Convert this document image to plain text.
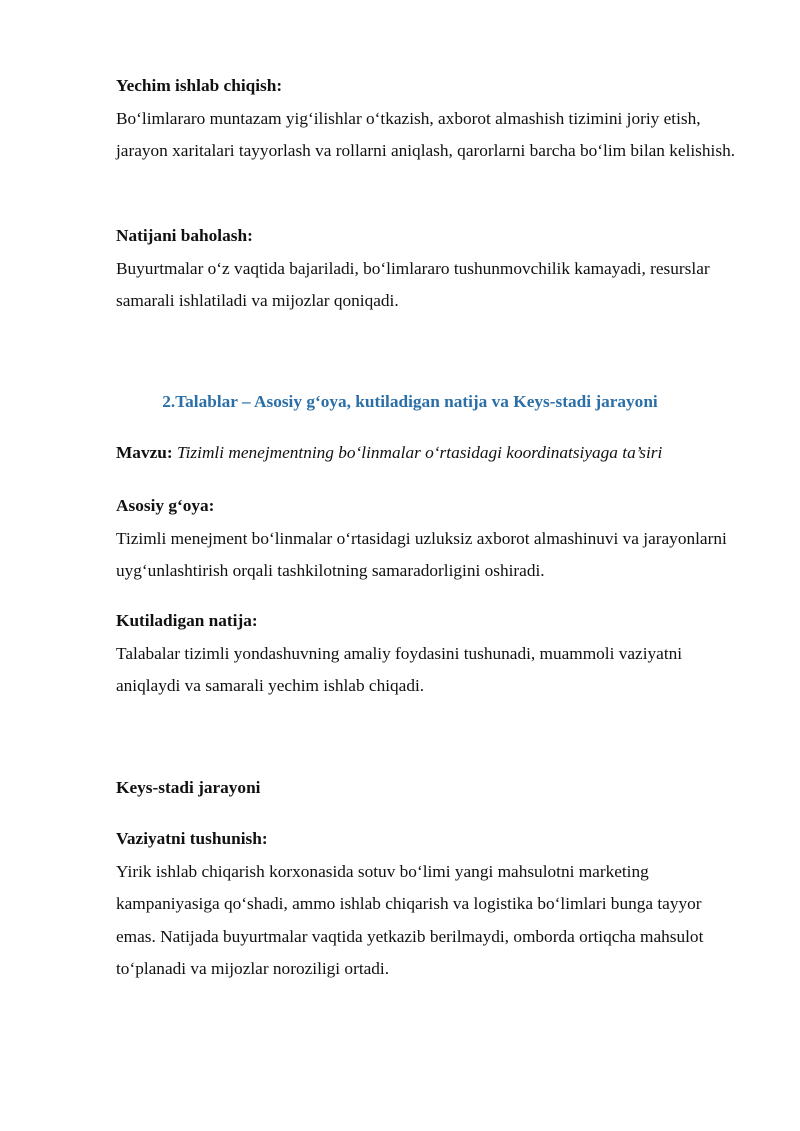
Yechim ishlab chiqish:
Bo‘limlararo muntazam yig‘ilishlar o‘tkazish, axborot almashish tizimini joriy etish, jarayon xaritalari tayyorlash va rollarni aniqlash, qarorlarni barcha bo‘lim bilan kelishish.
Natijani baholash:
Buyurtmalar o‘z vaqtida bajariladi, bo‘limlararo tushunmovchilik kamayadi, resurslar samarali ishlatiladi va mijozlar qoniqadi.
2.Talablar – Asosiy g‘oya, kutiladigan natija va Keys-stadi jarayoni
Mavzu: Tizimli menejmentning bo‘linmalar o‘rtasidagi koordinatsiyaga ta’siri
Asosiy g‘oya:
Tizimli menejment bo‘linmalar o‘rtasidagi uzluksiz axborot almashinuvi va jarayonlarni uyg‘unlashtirish orqali tashkilotning samaradorligini oshiradi.
Kutiladigan natija:
Talabalar tizimli yondashuvning amaliy foydasini tushunadi, muammoli vaziyatni aniqlaydi va samarali yechim ishlab chiqadi.
Keys-stadi jarayoni
Vaziyatni tushunish:
Yirik ishlab chiqarish korxonasida sotuv bo‘limi yangi mahsulotni marketing kampaniyasiga qo‘shadi, ammo ishlab chiqarish va logistika bo‘limlari bunga tayyor emas. Natijada buyurtmalar vaqtida yetkazib berilmaydi, omborda ortiqcha mahsulot to‘planadi va mijozlar noroziligi ortadi.
